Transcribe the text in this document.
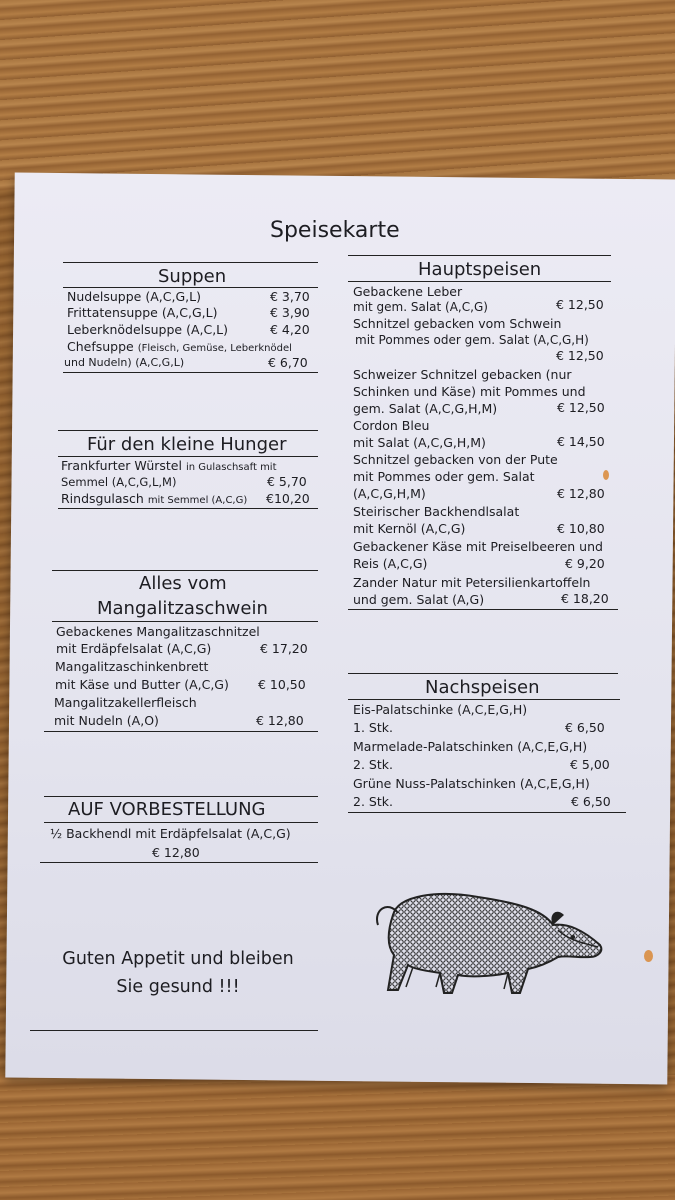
Speisekarte
Suppen
Nudelsuppe (A,C,G,L)	€ 3,70
Frittatensuppe (A,C,G,L)	€ 3,90
Leberknödelsuppe (A,C,L)	€ 4,20
Chefsuppe (Fleisch, Gemüse, Leberknödel
und Nudeln) (A,C,G,L)	€ 6,70
Für den kleine Hunger
Frankfurter Würstel in Gulaschsaft mit
Semmel (A,C,G,L,M)	€ 5,70
Rindsgulasch mit Semmel (A,C,G) €10,20
Alles vom
Mangalitzaschwein
Gebackenes Mangalitzaschnitzel
mit Erdäpfelsalat (A,C,G)	€ 17,20
Mangalitzaschinkenbrett
mit Käse und Butter (A,C,G) € 10,50
Mangalitzakellerfleisch
mit Nudeln (A,O)	€ 12,80
AUF VORBESTELLUNG
½ Backhendl mit Erdäpfelsalat (A,C,G)
€ 12,80
Guten Appetit und bleiben
Sie gesund !!!
Hauptspeisen
Gebackene Leber
mit gem. Salat (A,C,G)	€ 12,50
Schnitzel gebacken vom Schwein
mit Pommes oder gem. Salat (A,C,G,H)
€ 12,50
Schweizer Schnitzel gebacken (nur
Schinken und Käse) mit Pommes und
gem. Salat (A,C,G,H,M)	€ 12,50
Cordon Bleu
mit Salat (A,C,G,H,M)	€ 14,50
Schnitzel gebacken von der Pute
mit Pommes oder gem. Salat
(A,C,G,H,M)	€ 12,80
Steirischer Backhendlsalat
mit Kernöl (A,C,G)	€ 10,80
Gebackener Käse mit Preiselbeeren und
Reis (A,C,G)	€ 9,20
Zander Natur mit Petersilienkartoffeln
und gem. Salat (A,G)	€ 18,20
Nachspeisen
Eis-Palatschinke (A,C,E,G,H)
1. Stk.	€ 6,50
Marmelade-Palatschinken (A,C,E,G,H)
2. Stk.	€ 5,00
Grüne Nuss-Palatschinken (A,C,E,G,H)
2. Stk.	€ 6,50
